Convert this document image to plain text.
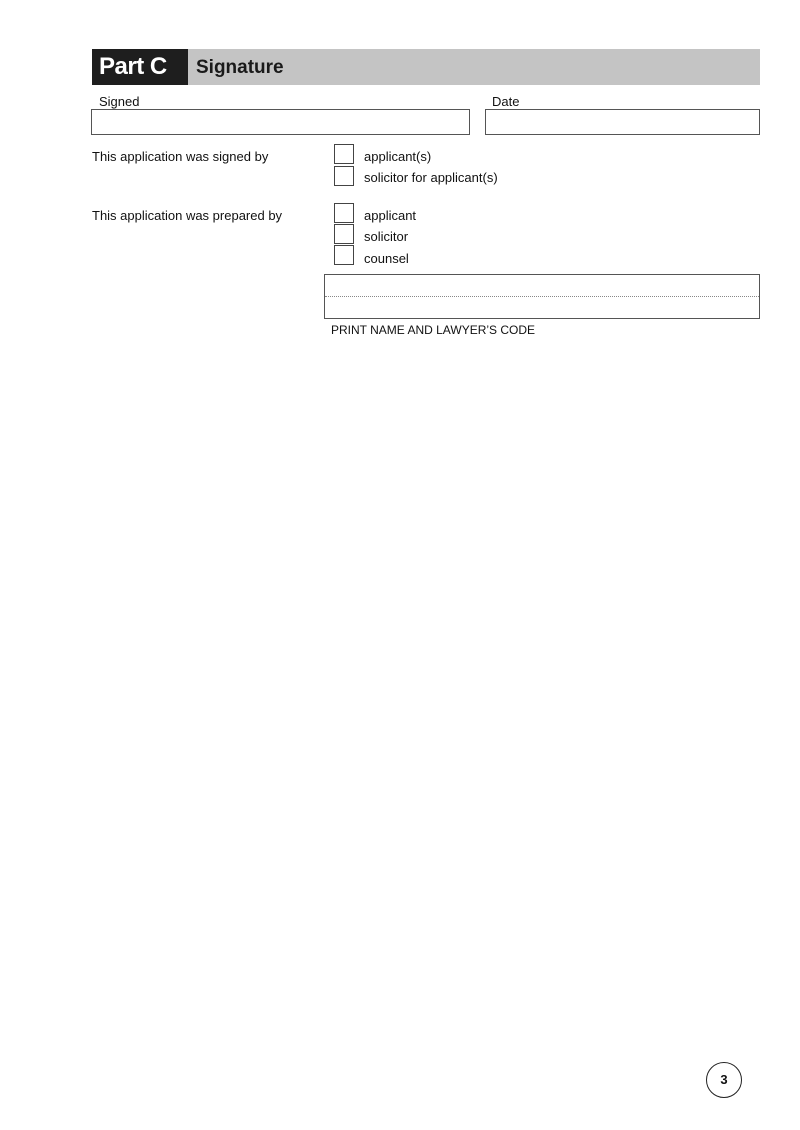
Part C	Signature
Signed	Date
This application was signed by	applicant(s)
solicitor for applicant(s)
This application was prepared by	applicant
solicitor
counsel
PRINT NAME AND LAWYER’S CODE
3
